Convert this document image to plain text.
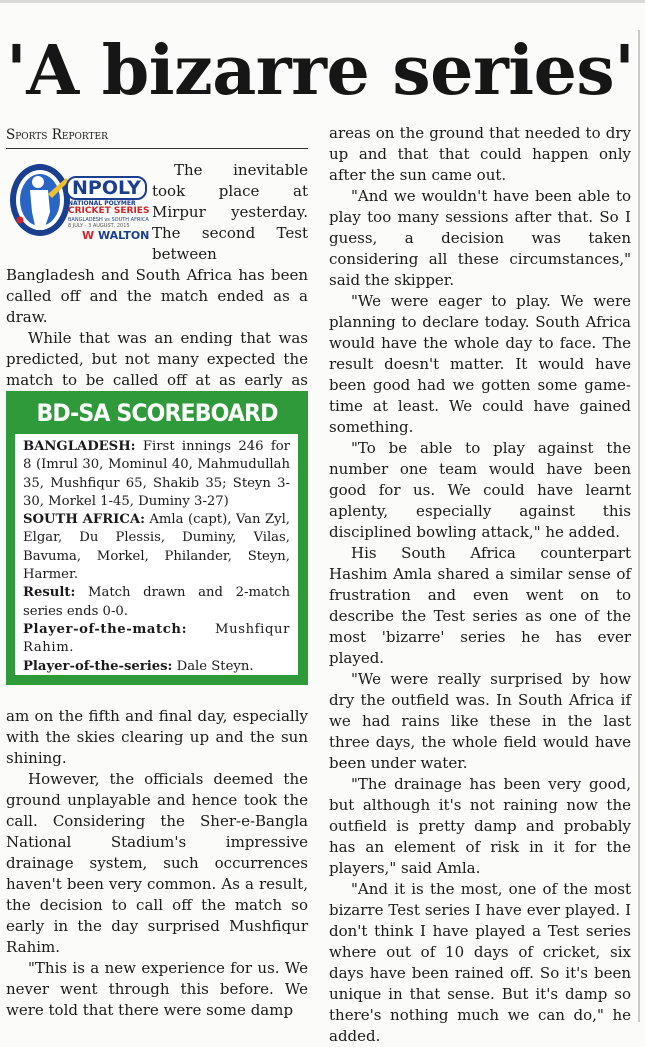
'A bizarre series'
Sports Reporter
NPOLY
NATIONAL POLYMER
CRICKET SERIES
BANGLADESH vs SOUTH AFRICA
8 JULY - 3 AUGUST, 2015
W WALTON

The inevitable took place at Mirpur yesterday. The second Test between Bangladesh and South Africa has been called off and the match ended as a draw.

While that was an ending that was predicted, but not many expected the match to be called off at as early as

BD-SA SCOREBOARD

BANGLADESH: First innings 246 for 8 (Imrul 30, Mominul 40, Mahmudullah 35, Mushfiqur 65, Shakib 35; Steyn 3-30, Morkel 1-45, Duminy 3-27)

SOUTH AFRICA: Amla (capt), Van Zyl, Elgar, Du Plessis, Duminy, Vilas, Bavuma, Morkel, Philander, Steyn, Harmer.

Result: Match drawn and 2-match series ends 0-0.

Player-of-the-match: Mushfiqur Rahim.

Player-of-the-series: Dale Steyn.

am on the fifth and final day, especially with the skies clearing up and the sun shining.

However, the officials deemed the ground unplayable and hence took the call. Considering the Sher-e-Bangla National Stadium's impressive drainage system, such occurrences haven't been very common. As a result, the decision to call off the match so early in the day surprised Mushfiqur Rahim.

"This is a new experience for us. We never went through this before. We were told that there were some damp

areas on the ground that needed to dry up and that that could happen only after the sun came out.

"And we wouldn't have been able to play too many sessions after that. So I guess, a decision was taken considering all these circumstances," said the skipper.

"We were eager to play. We were planning to declare today. South Africa would have the whole day to face. The result doesn't matter. It would have been good had we gotten some game-time at least. We could have gained something.

"To be able to play against the number one team would have been good for us. We could have learnt aplenty, especially against this disciplined bowling attack," he added.

His South Africa counterpart Hashim Amla shared a similar sense of frustration and even went on to describe the Test series as one of the most 'bizarre' series he has ever played.

"We were really surprised by how dry the outfield was. In South Africa if we had rains like these in the last three days, the whole field would have been under water.

"The drainage has been very good, but although it's not raining now the outfield is pretty damp and probably has an element of risk in it for the players," said Amla.

"And it is the most, one of the most bizarre Test series I have ever played. I don't think I have played a Test series where out of 10 days of cricket, six days have been rained off. So it's been unique in that sense. But it's damp so there's nothing much we can do," he added.
